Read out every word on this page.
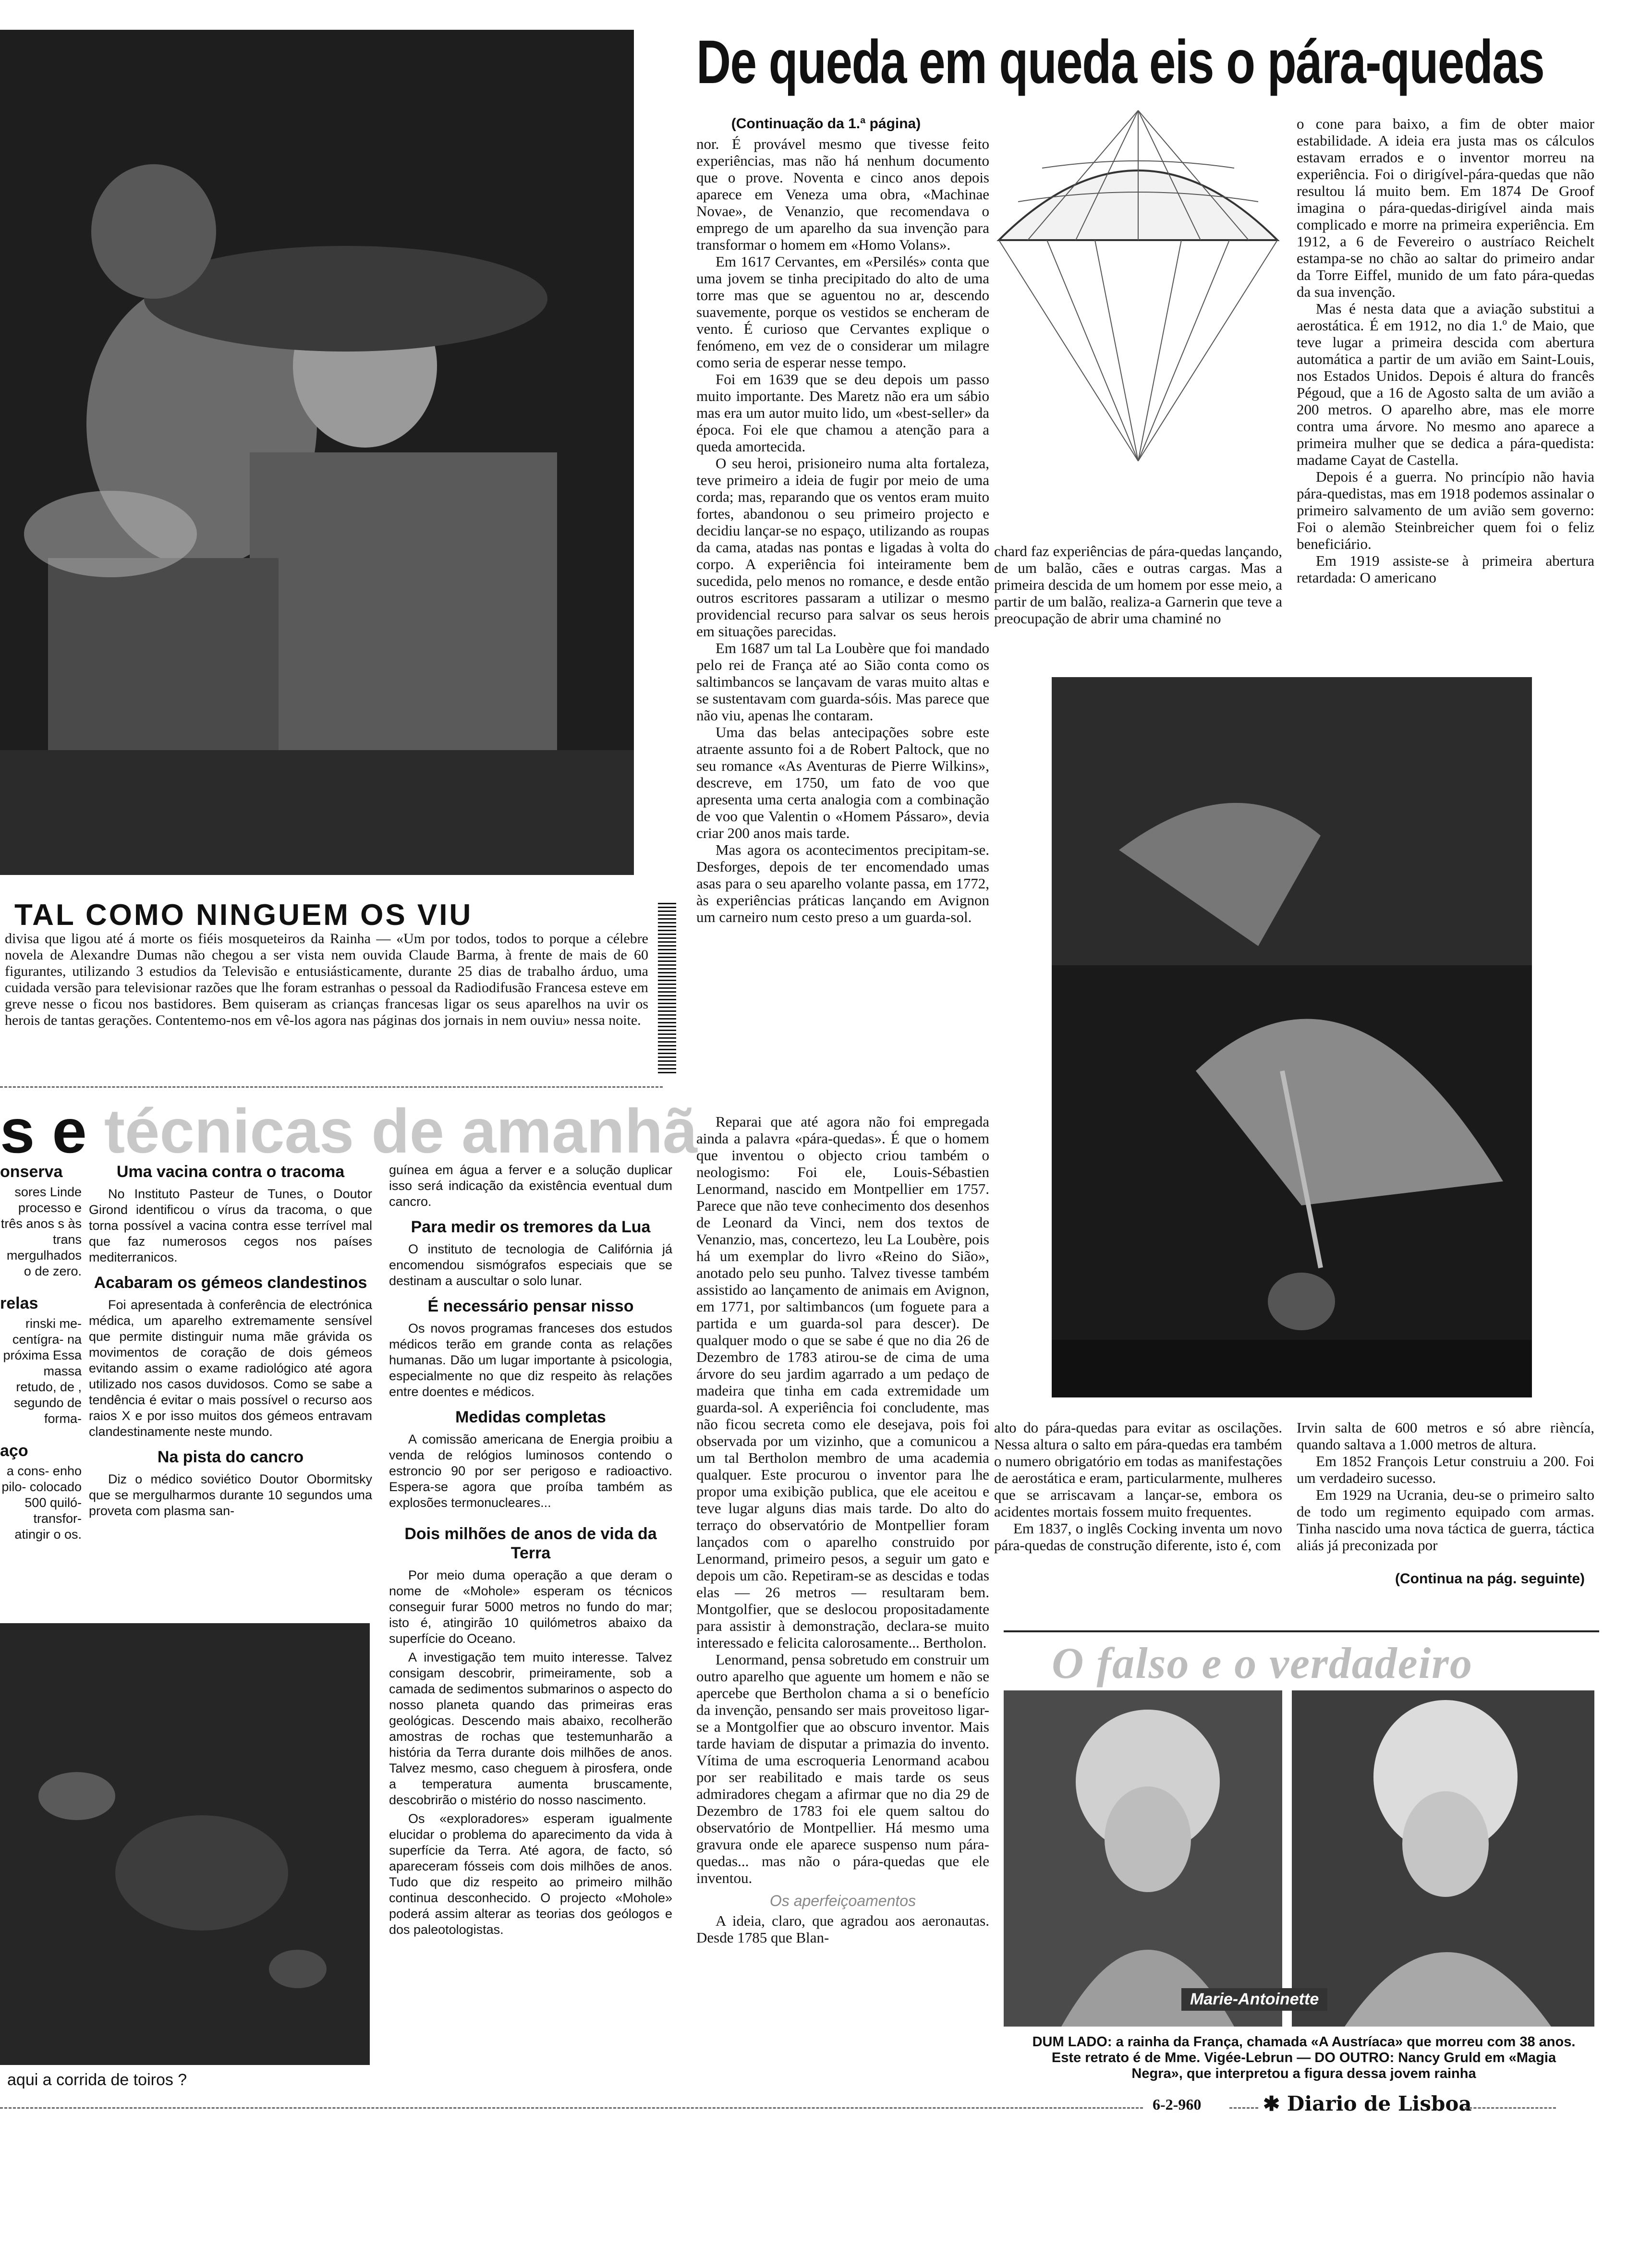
TAL COMO NINGUEM OS VIU
divisa que ligou até á morte os fiéis mosqueteiros da Rainha — «Um por todos, todos to porque a célebre novela de Alexandre Dumas não chegou a ser vista nem ouvida Claude Barma, à frente de mais de 60 figurantes, utilizando 3 estudios da Televisão e entusiásticamente, durante 25 dias de trabalho árduo, uma cuidada versão para televisionar razões que lhe foram estranhas o pessoal da Radiodifusão Francesa esteve em greve nesse o ficou nos bastidores. Bem quiseram as crianças francesas ligar os seus aparelhos na uvir os herois de tantas gerações. Contentemo-nos em vê-los agora nas páginas dos jornais in nem ouviu» nessa noite.
De queda em queda eis o pára-quedas
(Continuação da 1.ª página)

nor. É provável mesmo que tivesse feito experiências, mas não há nenhum documento que o prove. Noventa e cinco anos depois aparece em Veneza uma obra, «Machinae Novae», de Venanzio, que recomendava o emprego de um aparelho da sua invenção para transformar o homem em «Homo Volans».

Em 1617 Cervantes, em «Persilés» conta que uma jovem se tinha precipitado do alto de uma torre mas que se aguentou no ar, descendo suavemente, porque os vestidos se encheram de vento. É curioso que Cervantes explique o fenómeno, em vez de o considerar um milagre como seria de esperar nesse tempo.

Foi em 1639 que se deu depois um passo muito importante. Des Maretz não era um sábio mas era um autor muito lido, um «best-seller» da época. Foi ele que chamou a atenção para a queda amortecida.

O seu heroi, prisioneiro numa alta fortaleza, teve primeiro a ideia de fugir por meio de uma corda; mas, reparando que os ventos eram muito fortes, abandonou o seu primeiro projecto e decidiu lançar-se no espaço, utilizando as roupas da cama, atadas nas pontas e ligadas à volta do corpo. A experiência foi inteiramente bem sucedida, pelo menos no romance, e desde então outros escritores passaram a utilizar o mesmo providencial recurso para salvar os seus herois em situações parecidas.

Em 1687 um tal La Loubère que foi mandado pelo rei de França até ao Sião conta como os saltimbancos se lançavam de varas muito altas e se sustentavam com guarda-sóis. Mas parece que não viu, apenas lhe contaram.

Uma das belas antecipações sobre este atraente assunto foi a de Robert Paltock, que no seu romance «As Aventuras de Pierre Wilkins», descreve, em 1750, um fato de voo que apresenta uma certa analogia com a combinação de voo que Valentin o «Homem Pássaro», devia criar 200 anos mais tarde.

Mas agora os acontecimentos precipitam-se. Desforges, depois de ter encomendado umas asas para o seu aparelho volante passa, em 1772, às experiências práticas lançando em Avignon um carneiro num cesto preso a um guarda-sol.

Reparai que até agora não foi empregada ainda a palavra «pára-quedas». É que o homem que inventou o objecto criou também o neologismo: Foi ele, Louis-Sébastien Lenormand, nascido em Montpellier em 1757. Parece que não teve conhecimento dos desenhos de Leonard da Vinci, nem dos textos de Venanzio, mas, concertezo, leu La Loubère, pois há um exemplar do livro «Reino do Sião», anotado pelo seu punho. Talvez tivesse também assistido ao lançamento de animais em Avignon, em 1771, por saltimbancos (um foguete para a partida e um guarda-sol para descer). De qualquer modo o que se sabe é que no dia 26 de Dezembro de 1783 atirou-se de cima de uma árvore do seu jardim agarrado a um pedaço de madeira que tinha em cada extremidade um guarda-sol. A experiência foi concludente, mas não ficou secreta como ele desejava, pois foi observada por um vizinho, que a comunicou a um tal Bertholon membro de uma academia qualquer. Este procurou o inventor para lhe propor uma exibição publica, que ele aceitou e teve lugar alguns dias mais tarde. Do alto do terraço do observatório de Montpellier foram lançados com o aparelho construido por Lenormand, primeiro pesos, a seguir um gato e depois um cão. Repetiram-se as descidas e todas elas — 26 metros — resultaram bem. Montgolfier, que se deslocou propositadamente para assistir à demonstração, declara-se muito interessado e felicita calorosamente... Bertholon.

Lenormand, pensa sobretudo em construir um outro aparelho que aguente um homem e não se apercebe que Bertholon chama a si o benefício da invenção, pensando ser mais proveitoso ligar-se a Montgolfier que ao obscuro inventor. Mais tarde haviam de disputar a primazia do invento. Vítima de uma escroqueria Lenormand acabou por ser reabilitado e mais tarde os seus admiradores chegam a afirmar que no dia 29 de Dezembro de 1783 foi ele quem saltou do observatório de Montpellier. Há mesmo uma gravura onde ele aparece suspenso num pára-quedas... mas não o pára-quedas que ele inventou.

Os aperfeiçoamentos

A ideia, claro, que agradou aos aeronautas. Desde 1785 que Blan-

chard faz experiências de pára-quedas lançando, de um balão, cães e outras cargas. Mas a primeira descida de um homem por esse meio, a partir de um balão, realiza-a Garnerin que teve a preocupação de abrir uma chaminé no

o cone para baixo, a fim de obter maior estabilidade. A ideia era justa mas os cálculos estavam errados e o inventor morreu na experiência. Foi o dirigível-pára-quedas que não resultou lá muito bem. Em 1874 De Groof imagina o pára-quedas-dirigível ainda mais complicado e morre na primeira experiência. Em 1912, a 6 de Fevereiro o austríaco Reichelt estampa-se no chão ao saltar do primeiro andar da Torre Eiffel, munido de um fato pára-quedas da sua invenção.

Mas é nesta data que a aviação substitui a aerostática. É em 1912, no dia 1.º de Maio, que teve lugar a primeira descida com abertura automática a partir de um avião em Saint-Louis, nos Estados Unidos. Depois é altura do francês Pégoud, que a 16 de Agosto salta de um avião a 200 metros. O aparelho abre, mas ele morre contra uma árvore. No mesmo ano aparece a primeira mulher que se dedica a pára-quedista: madame Cayat de Castella.

Depois é a guerra. No princípio não havia pára-quedistas, mas em 1918 podemos assinalar o primeiro salvamento de um avião sem governo: Foi o alemão Steinbreicher quem foi o feliz beneficiário.

Em 1919 assiste-se à primeira abertura retardada: O americano

alto do pára-quedas para evitar as oscilações. Nessa altura o salto em pára-quedas era também o numero obrigatório em todas as manifestações de aerostática e eram, particularmente, mulheres que se arriscavam a lançar-se, embora os acidentes mortais fossem muito frequentes.

Em 1837, o inglês Cocking inventa um novo pára-quedas de construção diferente, isto é, com

Irvin salta de 600 metros e só abre rièncía, quando saltava a 1.000 metros de altura.

Em 1852 François Letur construiu a 200. Foi um verdadeiro sucesso.

Em 1929 na Ucrania, deu-se o primeiro salto de todo um regimento equipado com armas. Tinha nascido uma nova táctica de guerra, táctica aliás já preconizada por

(Continua na pág. seguinte)
O falso e o verdadeiro
Marie-Antoinette
DUM LADO: a rainha da França, chamada «A Austríaca» que morreu com 38 anos. Este retrato é de Mme. Vigée-Lebrun — DO OUTRO: Nancy Gruld em «Magia Negra», que interpretou a figura dessa jovem rainha
s e técnicas de amanhã
onserva

sores Linde processo e três anos s às trans mergulhados o de zero.

relas

rinski me- centígra- na próxima Essa massa retudo, de , segundo de forma-

aço

a cons- enho pilo- colocado 500 quiló- transfor- atingir o os.

Uma vacina contra o tracoma

No Instituto Pasteur de Tunes, o Doutor Girond identificou o vírus da tracoma, o que torna possível a vacina contra esse terrível mal que faz numerosos cegos nos países mediterranicos.

Acabaram os gémeos clandestinos

Foi apresentada à conferência de electrónica médica, um aparelho extremamente sensível que permite distinguir numa mãe grávida os movimentos de coração de dois gémeos evitando assim o exame radiológico até agora utilizado nos casos duvidosos. Como se sabe a tendência é evitar o mais possível o recurso aos raios X e por isso muitos dos gémeos entravam clandestinamente neste mundo.

Na pista do cancro

Diz o médico soviético Doutor Obormitsky que se mergulharmos durante 10 segundos uma proveta com plasma san-

guínea em água a ferver e a solução duplicar isso será indicação da existência eventual dum cancro.

Para medir os tremores da Lua

O instituto de tecnologia de Califórnia já encomendou sismógrafos especiais que se destinam a auscultar o solo lunar.

É necessário pensar nisso

Os novos programas franceses dos estudos médicos terão em grande conta as relações humanas. Dão um lugar importante à psicologia, especialmente no que diz respeito às relações entre doentes e médicos.

Medidas completas

A comissão americana de Energia proibiu a venda de relógios luminosos contendo o estroncio 90 por ser perigoso e radioactivo. Espera-se agora que proíba também as explosões termonucleares...

Dois milhões de anos de vida da Terra

Por meio duma operação a que deram o nome de «Mohole» esperam os técnicos conseguir furar 5000 metros no fundo do mar; isto é, atingirão 10 quilómetros abaixo da superfície do Oceano.

A investigação tem muito interesse. Talvez consigam descobrir, primeiramente, sob a camada de sedimentos submarinos o aspecto do nosso planeta quando das primeiras eras geológicas. Descendo mais abaixo, recolherão amostras de rochas que testemunharão a história da Terra durante dois milhões de anos. Talvez mesmo, caso cheguem à pirosfera, onde a temperatura aumenta bruscamente, descobrirão o mistério do nosso nascimento.

Os «exploradores» esperam igualmente elucidar o problema do aparecimento da vida à superfície da Terra. Até agora, de facto, só apareceram fósseis com dois milhões de anos. Tudo que diz respeito ao primeiro milhão continua desconhecido. O projecto «Mohole» poderá assim alterar as teorias dos geólogos e dos paleotologistas.

aqui a corrida de toiros ?
6-2-960	✱ Diario de Lisboa
